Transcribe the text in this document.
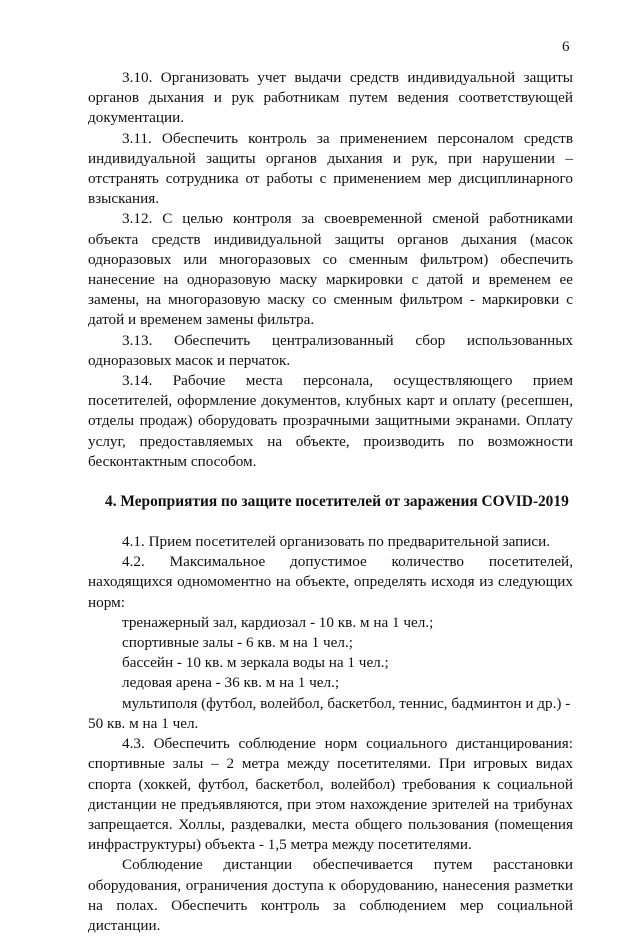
6

3.10. Организовать учет выдачи средств индивидуальной защиты органов дыхания и рук работникам путем ведения соответствующей документации.

3.11. Обеспечить контроль за применением персоналом средств индивидуальной защиты органов дыхания и рук, при нарушении – отстранять сотрудника от работы с применением мер дисциплинарного взыскания.

3.12. С целью контроля за своевременной сменой работниками объекта средств индивидуальной защиты органов дыхания (масок одноразовых или многоразовых со сменным фильтром) обеспечить нанесение на одноразовую маску маркировки с датой и временем ее замены, на многоразовую маску со сменным фильтром - маркировки с датой и временем замены фильтра.

3.13. Обеспечить централизованный сбор использованных одноразовых масок и перчаток.

3.14. Рабочие места персонала, осуществляющего прием посетителей, оформление документов, клубных карт и оплату (ресепшен, отделы продаж) оборудовать прозрачными защитными экранами. Оплату услуг, предоставляемых на объекте, производить по возможности бесконтактным способом.

4. Мероприятия по защите посетителей от заражения COVID-2019

4.1. Прием посетителей организовать по предварительной записи.

4.2. Максимальное допустимое количество посетителей, находящихся одномоментно на объекте, определять исходя из следующих норм:

тренажерный зал, кардиозал - 10 кв. м на 1 чел.;

спортивные залы - 6 кв. м на 1 чел.;

бассейн - 10 кв. м зеркала воды на 1 чел.;

ледовая арена - 36 кв. м на 1 чел.;

мультиполя (футбол, волейбол, баскетбол, теннис, бадминтон и др.) -

50 кв. м на 1 чел.

4.3. Обеспечить соблюдение норм социального дистанцирования: спортивные залы – 2 метра между посетителями. При игровых видах спорта (хоккей, футбол, баскетбол, волейбол) требования к социальной дистанции не предъявляются, при этом нахождение зрителей на трибунах запрещается. Холлы, раздевалки, места общего пользования (помещения инфраструктуры) объекта - 1,5 метра между посетителями.

Соблюдение дистанции обеспечивается путем расстановки оборудования, ограничения доступа к оборудованию, нанесения разметки на полах. Обеспечить контроль за соблюдением мер социальной дистанции.
